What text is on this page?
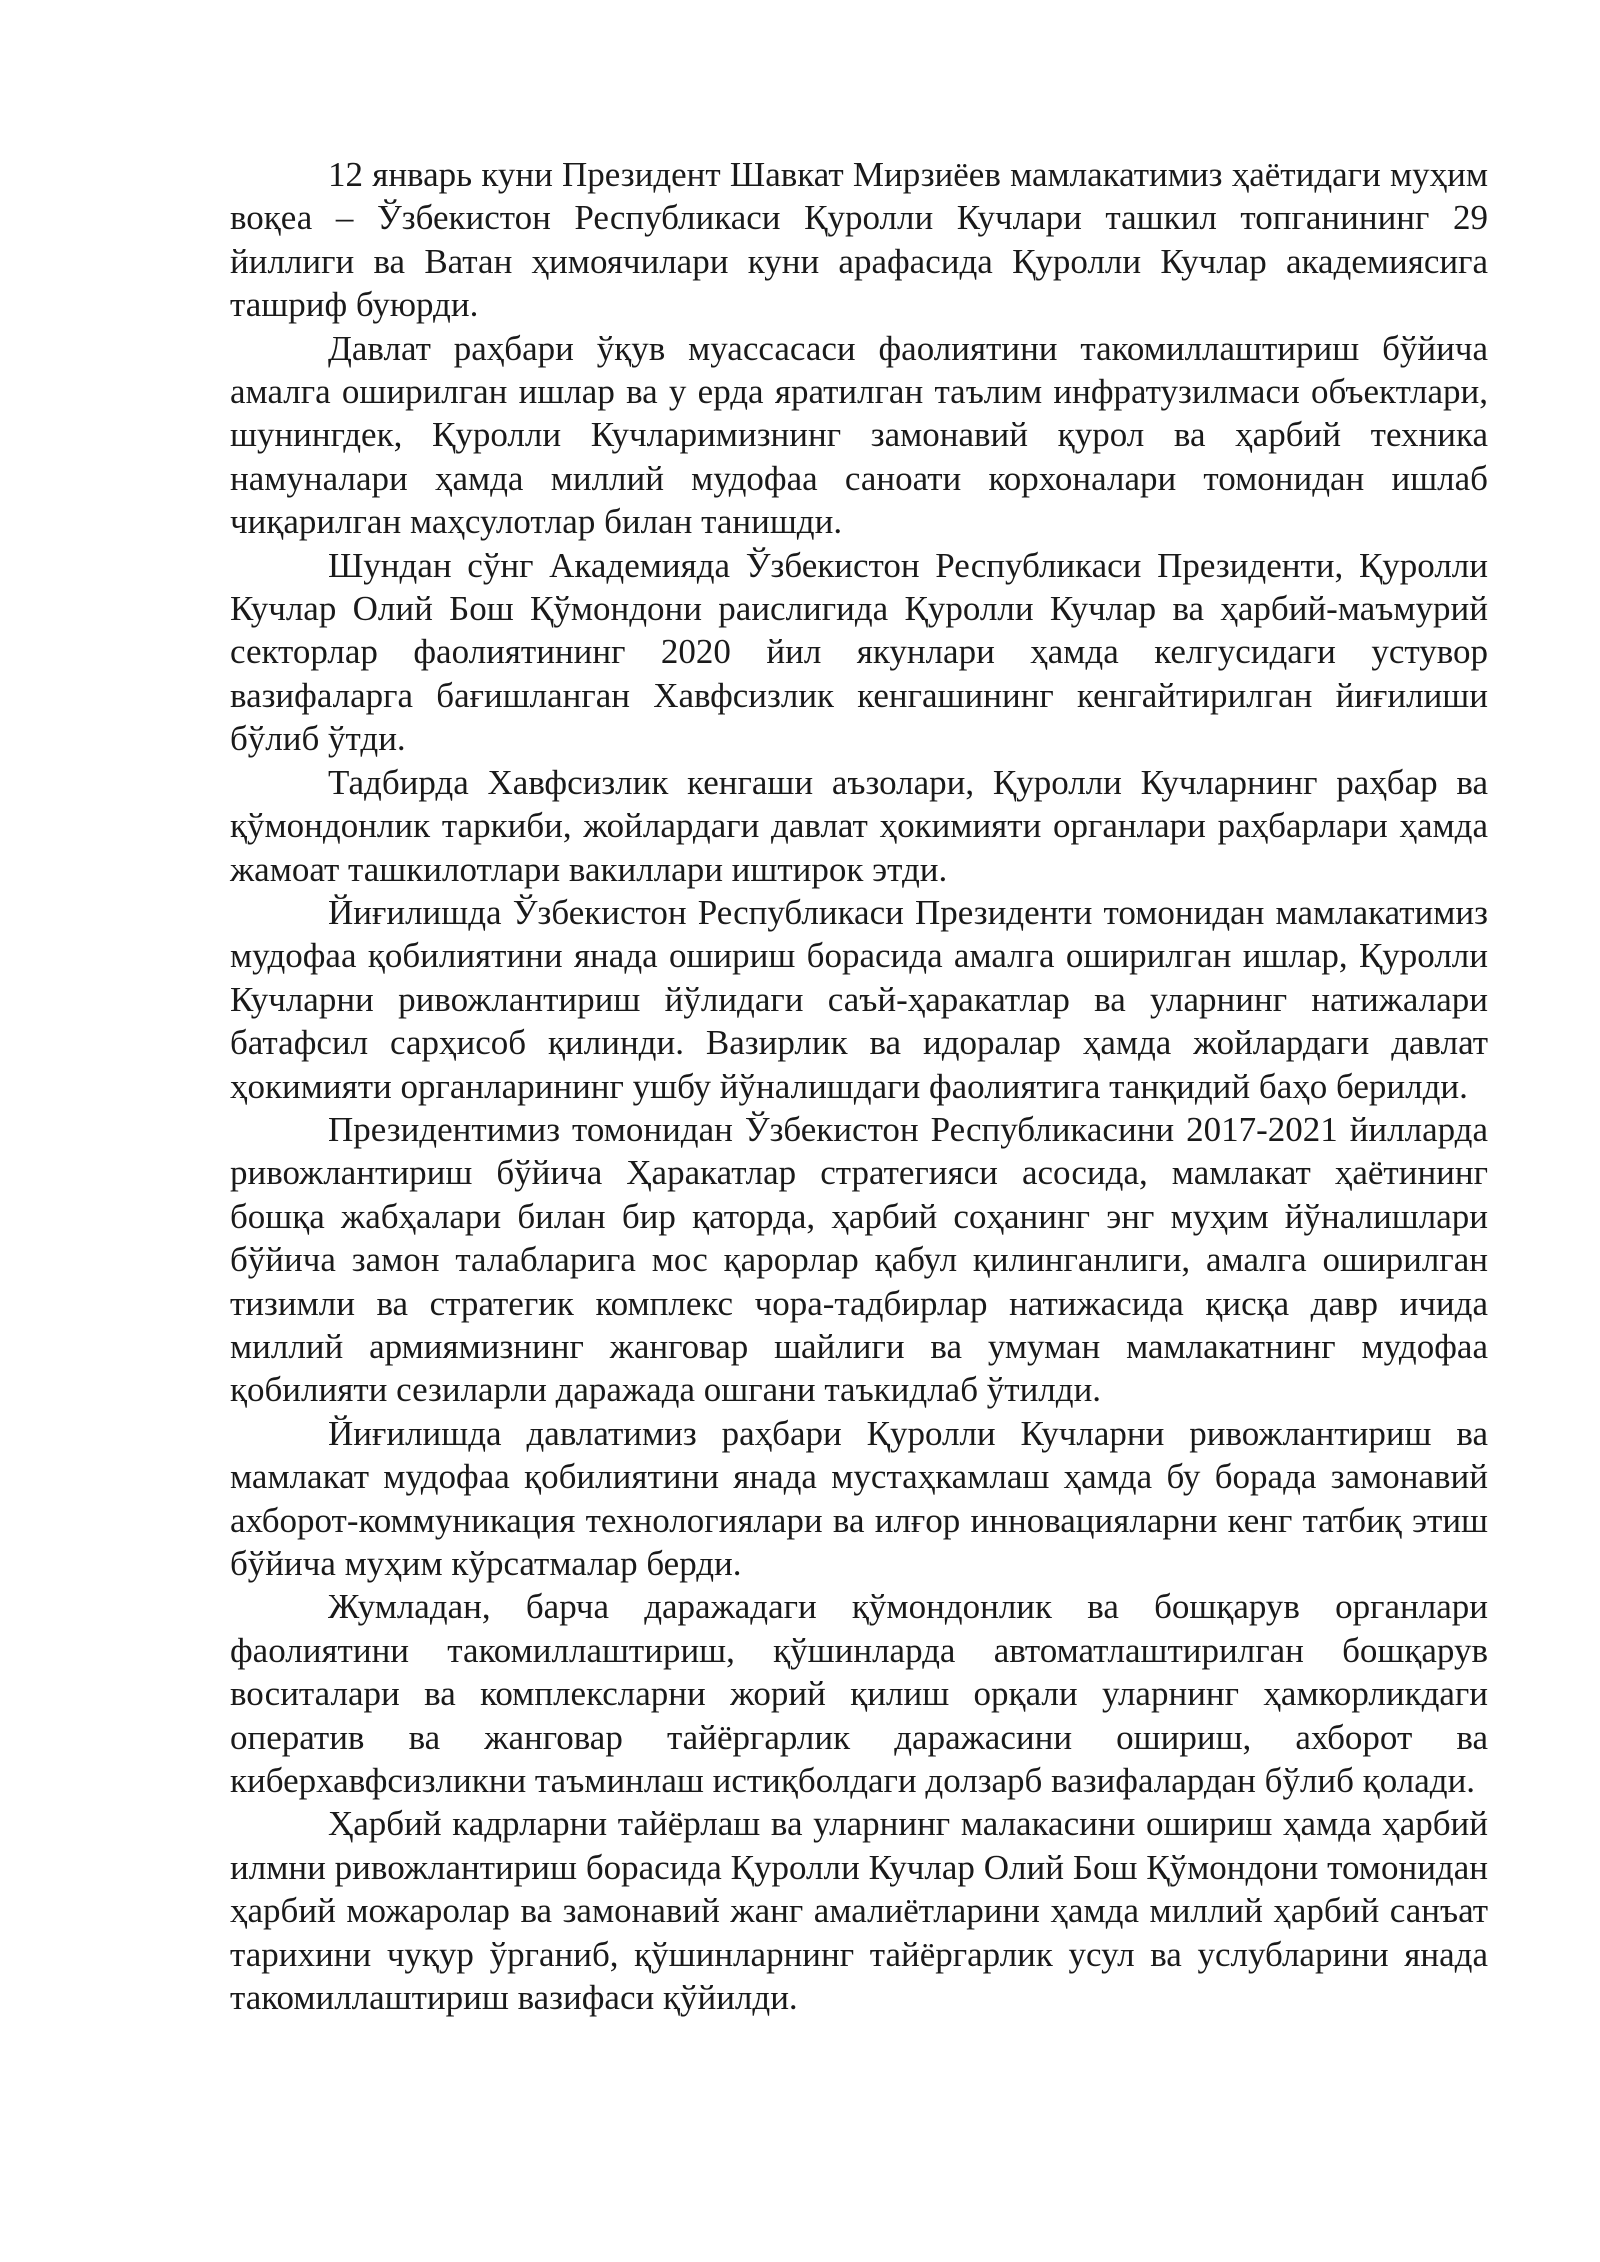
12 январь куни Президент Шавкат Мирзиёев мамлакатимиз ҳаётидаги муҳим воқеа – Ўзбекистон Республикаси Қуролли Кучлари ташкил топганининг 29 йиллиги ва Ватан ҳимоячилари куни арафасида Қуролли Кучлар академиясига ташриф буюрди.

Давлат раҳбари ўқув муассасаси фаолиятини такомиллаштириш бўйича амалга оширилган ишлар ва у ерда яратилган таълим инфратузилмаси объектлари, шунингдек, Қуролли Кучларимизнинг замонавий қурол ва ҳарбий техника намуналари ҳамда миллий мудофаа саноати корхоналари томонидан ишлаб чиқарилган маҳсулотлар билан танишди.

Шундан сўнг Академияда Ўзбекистон Республикаси Президенти, Қуролли Кучлар Олий Бош Қўмондони раислигида Қуролли Кучлар ва ҳарбий-маъмурий секторлар фаолиятининг 2020 йил якунлари ҳамда келгусидаги устувор вазифаларга бағишланган Хавфсизлик кенгашининг кенгайтирилган йиғилиши бўлиб ўтди.

Тадбирда Хавфсизлик кенгаши аъзолари, Қуролли Кучларнинг раҳбар ва қўмондонлик таркиби, жойлардаги давлат ҳокимияти органлари раҳбарлари ҳамда жамоат ташкилотлари вакиллари иштирок этди.

Йиғилишда Ўзбекистон Республикаси Президенти томонидан мамлакатимиз мудофаа қобилиятини янада ошириш борасида амалга оширилган ишлар, Қуролли Кучларни ривожлантириш йўлидаги саъй-ҳаракатлар ва уларнинг натижалари батафсил сарҳисоб қилинди. Вазирлик ва идоралар ҳамда жойлардаги давлат ҳокимияти органларининг ушбу йўналишдаги фаолиятига танқидий баҳо берилди.

Президентимиз томонидан Ўзбекистон Республикасини 2017-2021 йилларда ривожлантириш бўйича Ҳаракатлар стратегияси асосида, мамлакат ҳаётининг бошқа жабҳалари билан бир қаторда, ҳарбий соҳанинг энг муҳим йўналишлари бўйича замон талабларига мос қарорлар қабул қилинганлиги, амалга оширилган тизимли ва стратегик комплекс чора-тадбирлар натижасида қисқа давр ичида миллий армиямизнинг жанговар шайлиги ва умуман мамлакатнинг мудофаа қобилияти сезиларли даражада ошгани таъкидлаб ўтилди.

Йиғилишда давлатимиз раҳбари Қуролли Кучларни ривожлантириш ва мамлакат мудофаа қобилиятини янада мустаҳкамлаш ҳамда бу борада замонавий ахборот-коммуникация технологиялари ва илғор инновацияларни кенг татбиқ этиш бўйича муҳим кўрсатмалар берди.

Жумладан, барча даражадаги қўмондонлик ва бошқарув органлари фаолиятини такомиллаштириш, қўшинларда автоматлаштирилган бошқарув воситалари ва комплексларни жорий қилиш орқали уларнинг ҳамкорликдаги оператив ва жанговар тайёргарлик даражасини ошириш, ахборот ва киберхавфсизликни таъминлаш истиқболдаги долзарб вазифалардан бўлиб қолади.

Ҳарбий кадрларни тайёрлаш ва уларнинг малакасини ошириш ҳамда ҳарбий илмни ривожлантириш борасида Қуролли Кучлар Олий Бош Қўмондони томонидан ҳарбий можаролар ва замонавий жанг амалиётларини ҳамда миллий ҳарбий санъат тарихини чуқур ўрганиб, қўшинларнинг тайёргарлик усул ва услубларини янада такомиллаштириш вазифаси қўйилди.
